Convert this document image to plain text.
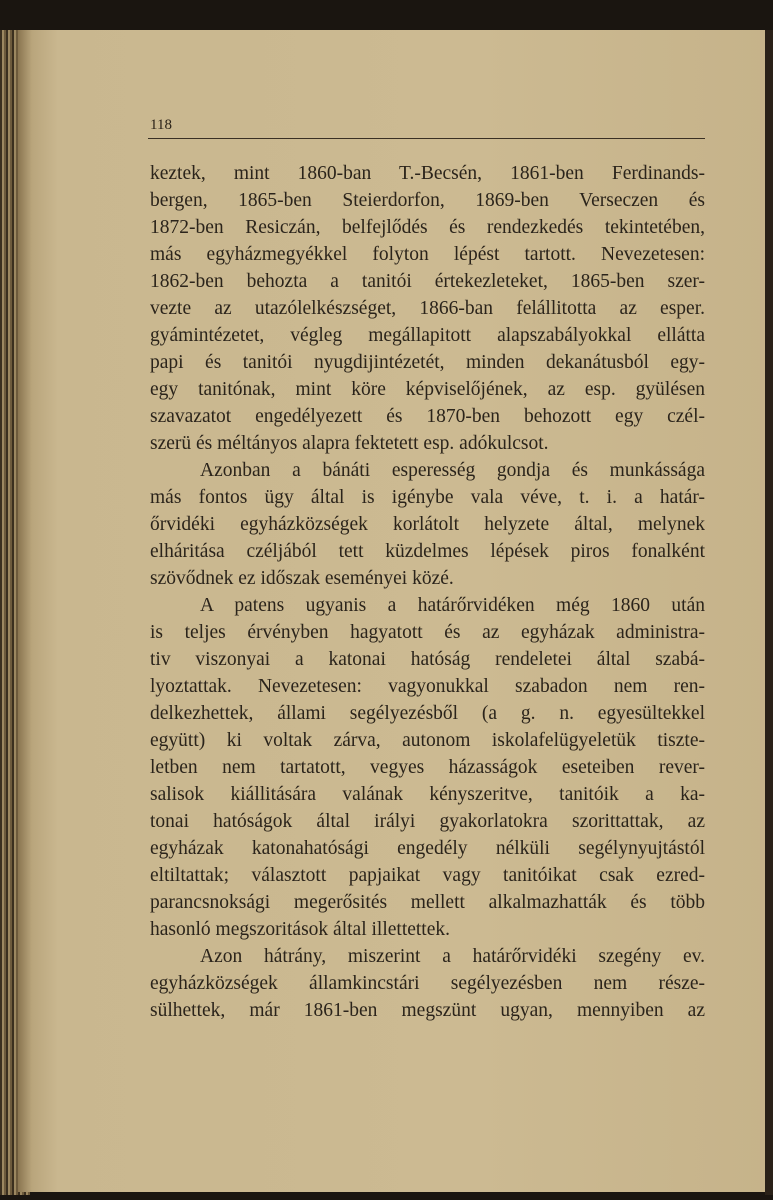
118
keztek, mint 1860-ban T.-Becsén, 1861-ben Ferdinands-
bergen, 1865-ben Steierdorfon, 1869-ben Verseczen és
1872-ben Resiczán, belfejlődés és rendezkedés tekintetében,
más egyházmegyékkel folyton lépést tartott. Nevezetesen:
1862-ben behozta a tanitói értekezleteket, 1865-ben szer-
vezte az utazólelkészséget, 1866-ban felállitotta az esper.
gyámintézetet, végleg megállapitott alapszabályokkal ellátta
papi és tanitói nyugdijintézetét, minden dekanátusból egy-
egy tanitónak, mint köre képviselőjének, az esp. gyülésen
szavazatot engedélyezett és 1870-ben behozott egy czél-
szerü és méltányos alapra fektetett esp. adókulcsot.
Azonban a bánáti esperesség gondja és munkássága
más fontos ügy által is igénybe vala véve, t. i. a határ-
őrvidéki egyházközségek korlátolt helyzete által, melynek
elháritása czéljából tett küzdelmes lépések piros fonalként
szövődnek ez időszak eseményei közé.
A patens ugyanis a határőrvidéken még 1860 után
is teljes érvényben hagyatott és az egyházak administra-
tiv viszonyai a katonai hatóság rendeletei által szabá-
lyoztattak. Nevezetesen: vagyonukkal szabadon nem ren-
delkezhettek, állami segélyezésből (a g. n. egyesültekkel
együtt) ki voltak zárva, autonom iskolafelügyeletük tiszte-
letben nem tartatott, vegyes házasságok eseteiben rever-
salisok kiállitására valának kényszeritve, tanitóik a ka-
tonai hatóságok által irályi gyakorlatokra szorittattak, az
egyházak katonahatósági engedély nélküli segélynyujtástól
eltiltattak; választott papjaikat vagy tanitóikat csak ezred-
parancsnoksági megerősités mellett alkalmazhatták és több
hasonló megszoritások által illettettek.
Azon hátrány, miszerint a határőrvidéki szegény ev.
egyházközségek államkincstári segélyezésben nem része-
sülhettek, már 1861-ben megszünt ugyan, mennyiben az
